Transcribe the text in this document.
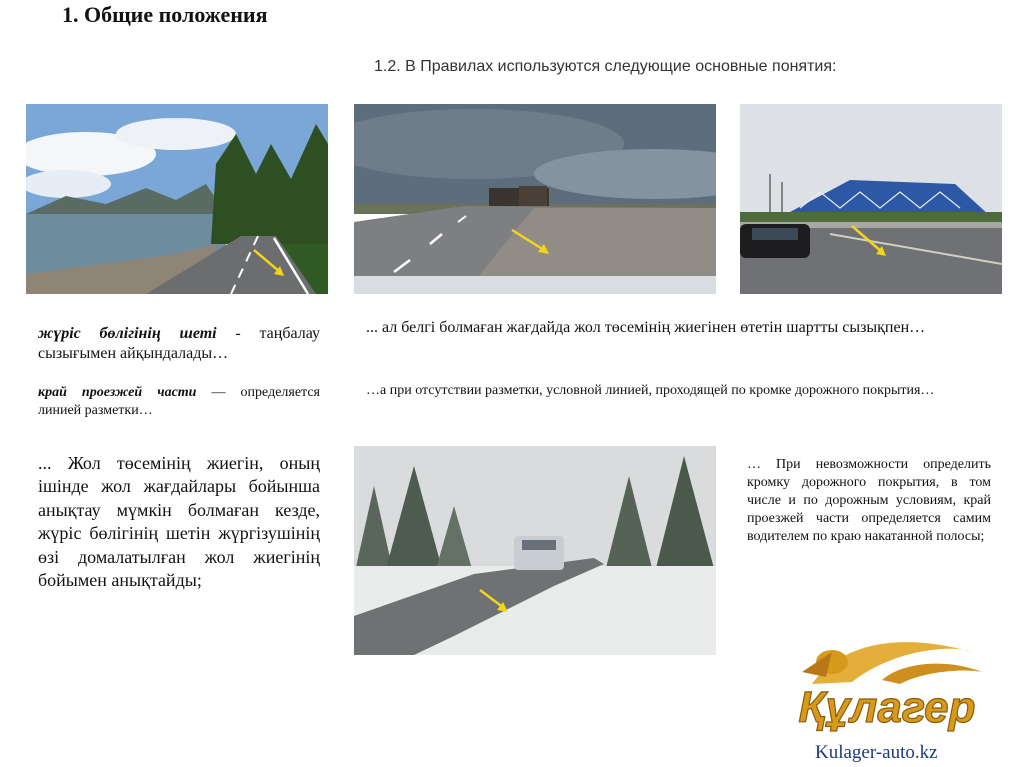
1. Общие положения
1.2. В Правилах используются следующие основные понятия:
жүріс бөлігінің шеті - таңбалау сызығымен айқындалады…
край проезжей части — определяется линией разметки…
... ал белгі болмаған жағдайда жол төсемінің жиегінен өтетін шартты сызықпен…
…а при отсутствии разметки, условной линией, проходящей по кромке дорожного покрытия…
... Жол төсемінің жиегін, оның ішінде жол жағдайлары бойынша анықтау мүмкін болмаған кезде, жүріс бөлігінің шетін жүргізушінің өзі домалатылған жол жиегінің бойымен анықтайды;
… При невозможности определить кромку дорожного покрытия, в том числе и по дорожным условиям, край проезжей части определяется самим водителем по краю накатанной полосы;
Құлагер
Kulager-auto.kz
